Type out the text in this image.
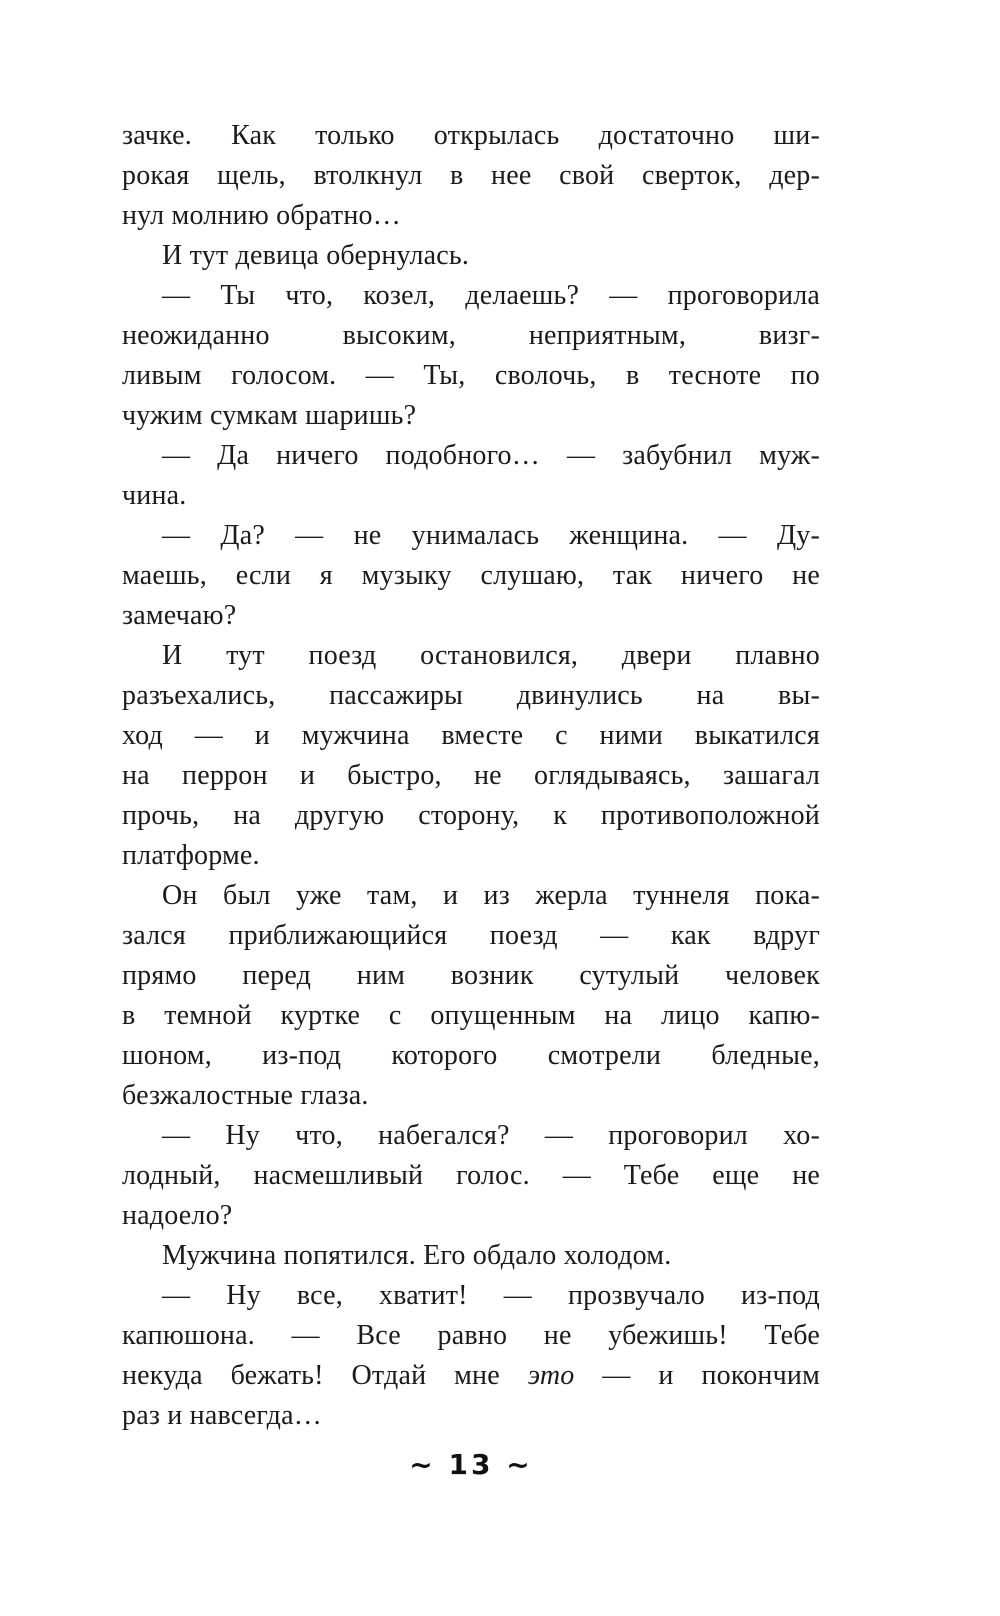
зачке. Как только открылась достаточно ши-
рокая щель, втолкнул в нее свой сверток, дер-
нул молнию обратно…
И тут девица обернулась.
— Ты что, козел, делаешь? — проговорила
неожиданно высоким, неприятным, визг-
ливым голосом. — Ты, сволочь, в тесноте по
чужим сумкам шаришь?
— Да ничего подобного… — забубнил муж-
чина.
— Да? — не унималась женщина. — Ду-
маешь, если я музыку слушаю, так ничего не
замечаю?
И тут поезд остановился, двери плавно
разъехались, пассажиры двинулись на вы-
ход — и мужчина вместе с ними выкатился
на перрон и быстро, не оглядываясь, зашагал
прочь, на другую сторону, к противоположной
платформе.
Он был уже там, и из жерла туннеля пока-
зался приближающийся поезд — как вдруг
прямо перед ним возник сутулый человек
в темной куртке с опущенным на лицо капю-
шоном, из-под которого смотрели бледные,
безжалостные глаза.
— Ну что, набегался? — проговорил хо-
лодный, насмешливый голос. — Тебе еще не
надоело?
Мужчина попятился. Его обдало холодом.
— Ну все, хватит! — прозвучало из-под
капюшона. — Все равно не убежишь! Тебе
некуда бежать! Отдай мне это — и покончим
раз и навсегда…
~ 13 ~
